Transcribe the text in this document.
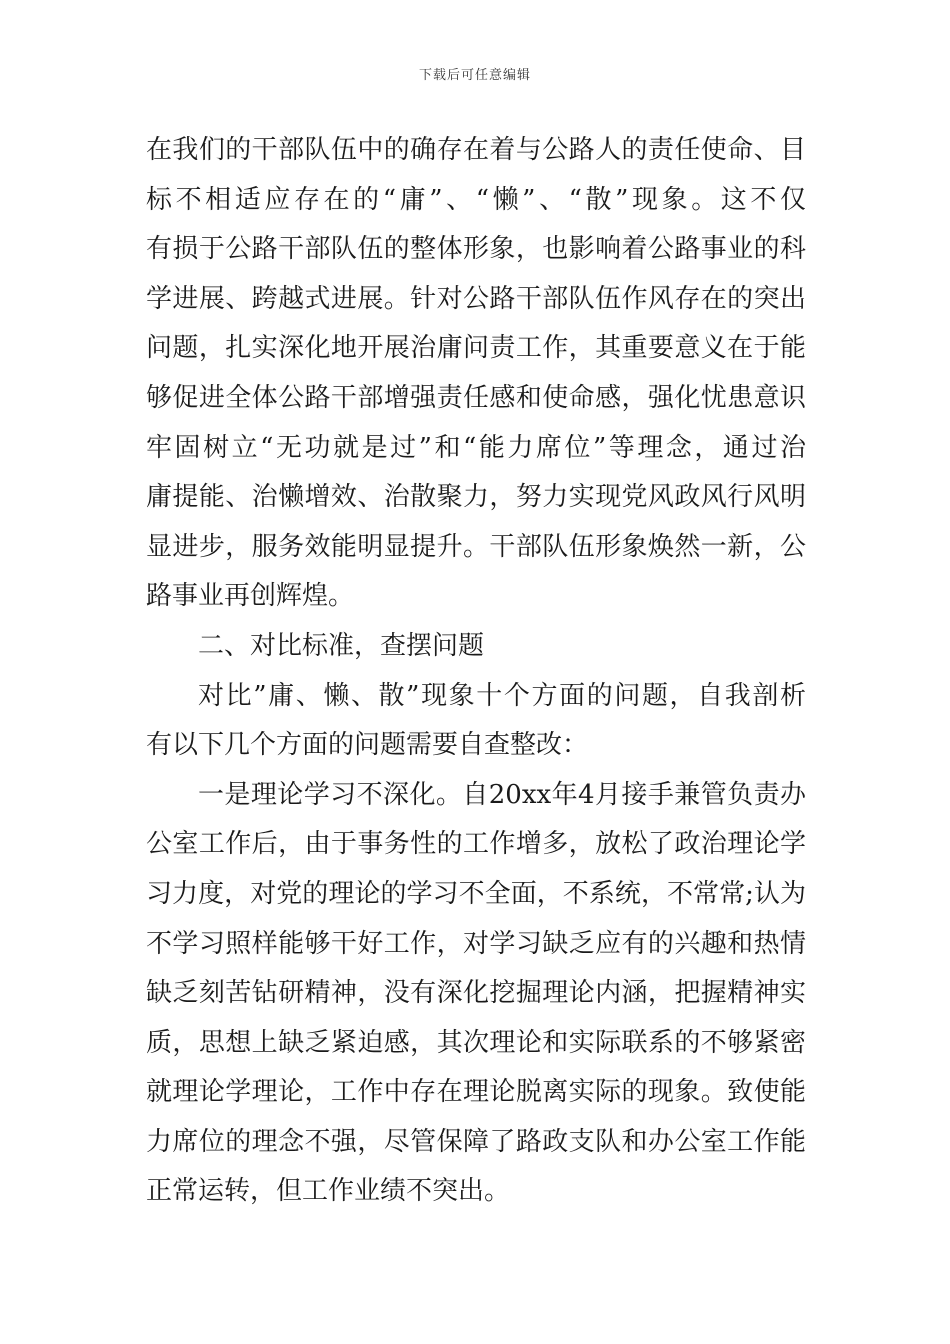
下载后可任意编辑
在我们的干部队伍中的确存在着与公路人的责任使命、目
标不相适应存在的“庸”、“懒”、“散”现象。这不仅
有损于公路干部队伍的整体形象，也影响着公路事业的科
学进展、跨越式进展。针对公路干部队伍作风存在的突出
问题，扎实深化地开展治庸问责工作，其重要意义在于能
够促进全体公路干部增强责任感和使命感，强化忧患意识
牢固树立“无功就是过”和“能力席位”等理念，通过治
庸提能、治懒增效、治散聚力，努力实现党风政风行风明
显进步，服务效能明显提升。干部队伍形象焕然一新，公
路事业再创辉煌。
二、对比标准，查摆问题
对比”庸、懒、散”现象十个方面的问题，自我剖析
有以下几个方面的问题需要自查整改：
一是理论学习不深化。自20xx年4月接手兼管负责办
公室工作后，由于事务性的工作增多，放松了政治理论学
习力度，对党的理论的学习不全面，不系统，不常常;认为
不学习照样能够干好工作，对学习缺乏应有的兴趣和热情
缺乏刻苦钻研精神，没有深化挖掘理论内涵，把握精神实
质，思想上缺乏紧迫感，其次理论和实际联系的不够紧密
就理论学理论，工作中存在理论脱离实际的现象。致使能
力席位的理念不强，尽管保障了路政支队和办公室工作能
正常运转，但工作业绩不突出。
